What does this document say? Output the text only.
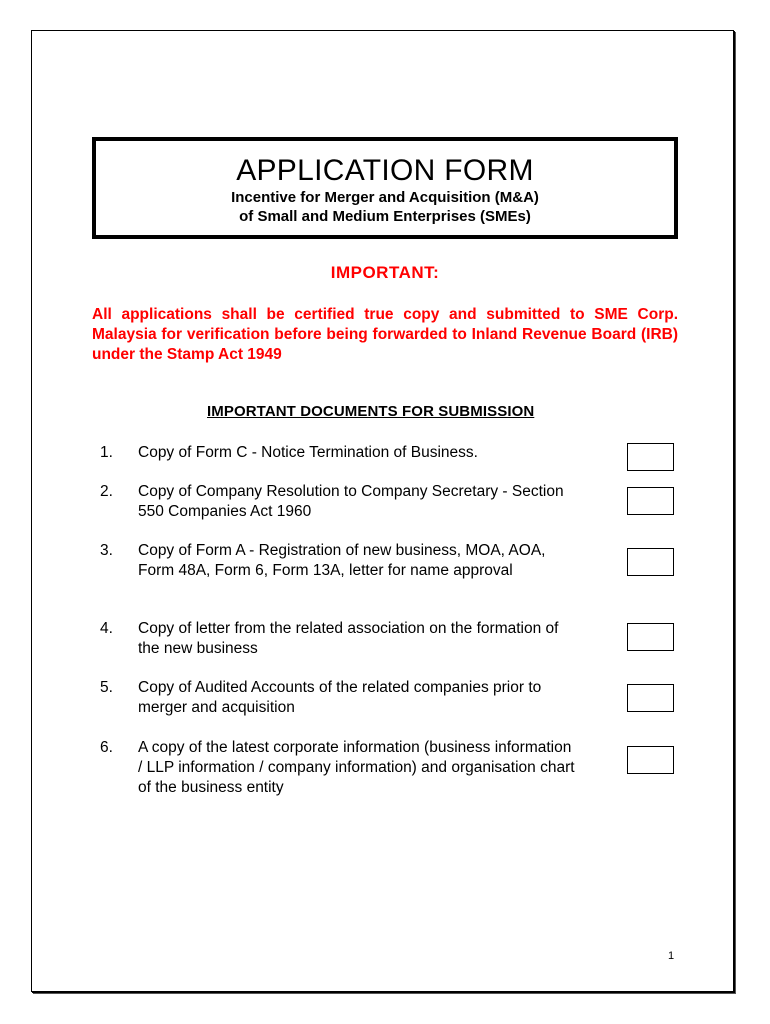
APPLICATION FORM
Incentive for Merger and Acquisition (M&A)
of Small and Medium Enterprises (SMEs)
IMPORTANT:
All applications shall be certified true copy and submitted to SME Corp. Malaysia for verification before being forwarded to Inland Revenue Board (IRB) under the Stamp Act 1949
IMPORTANT DOCUMENTS FOR SUBMISSION
1. Copy of Form C - Notice Termination of Business.
2. Copy of Company Resolution to Company Secretary - Section 550 Companies Act 1960
3. Copy of Form A - Registration of new business, MOA, AOA, Form 48A, Form 6, Form 13A, letter for name approval
4. Copy of letter from the related association on the formation of the new business
5. Copy of Audited Accounts of the related companies prior to merger and acquisition
6. A copy of the latest corporate information (business information / LLP information / company information) and organisation chart of the business entity
1
